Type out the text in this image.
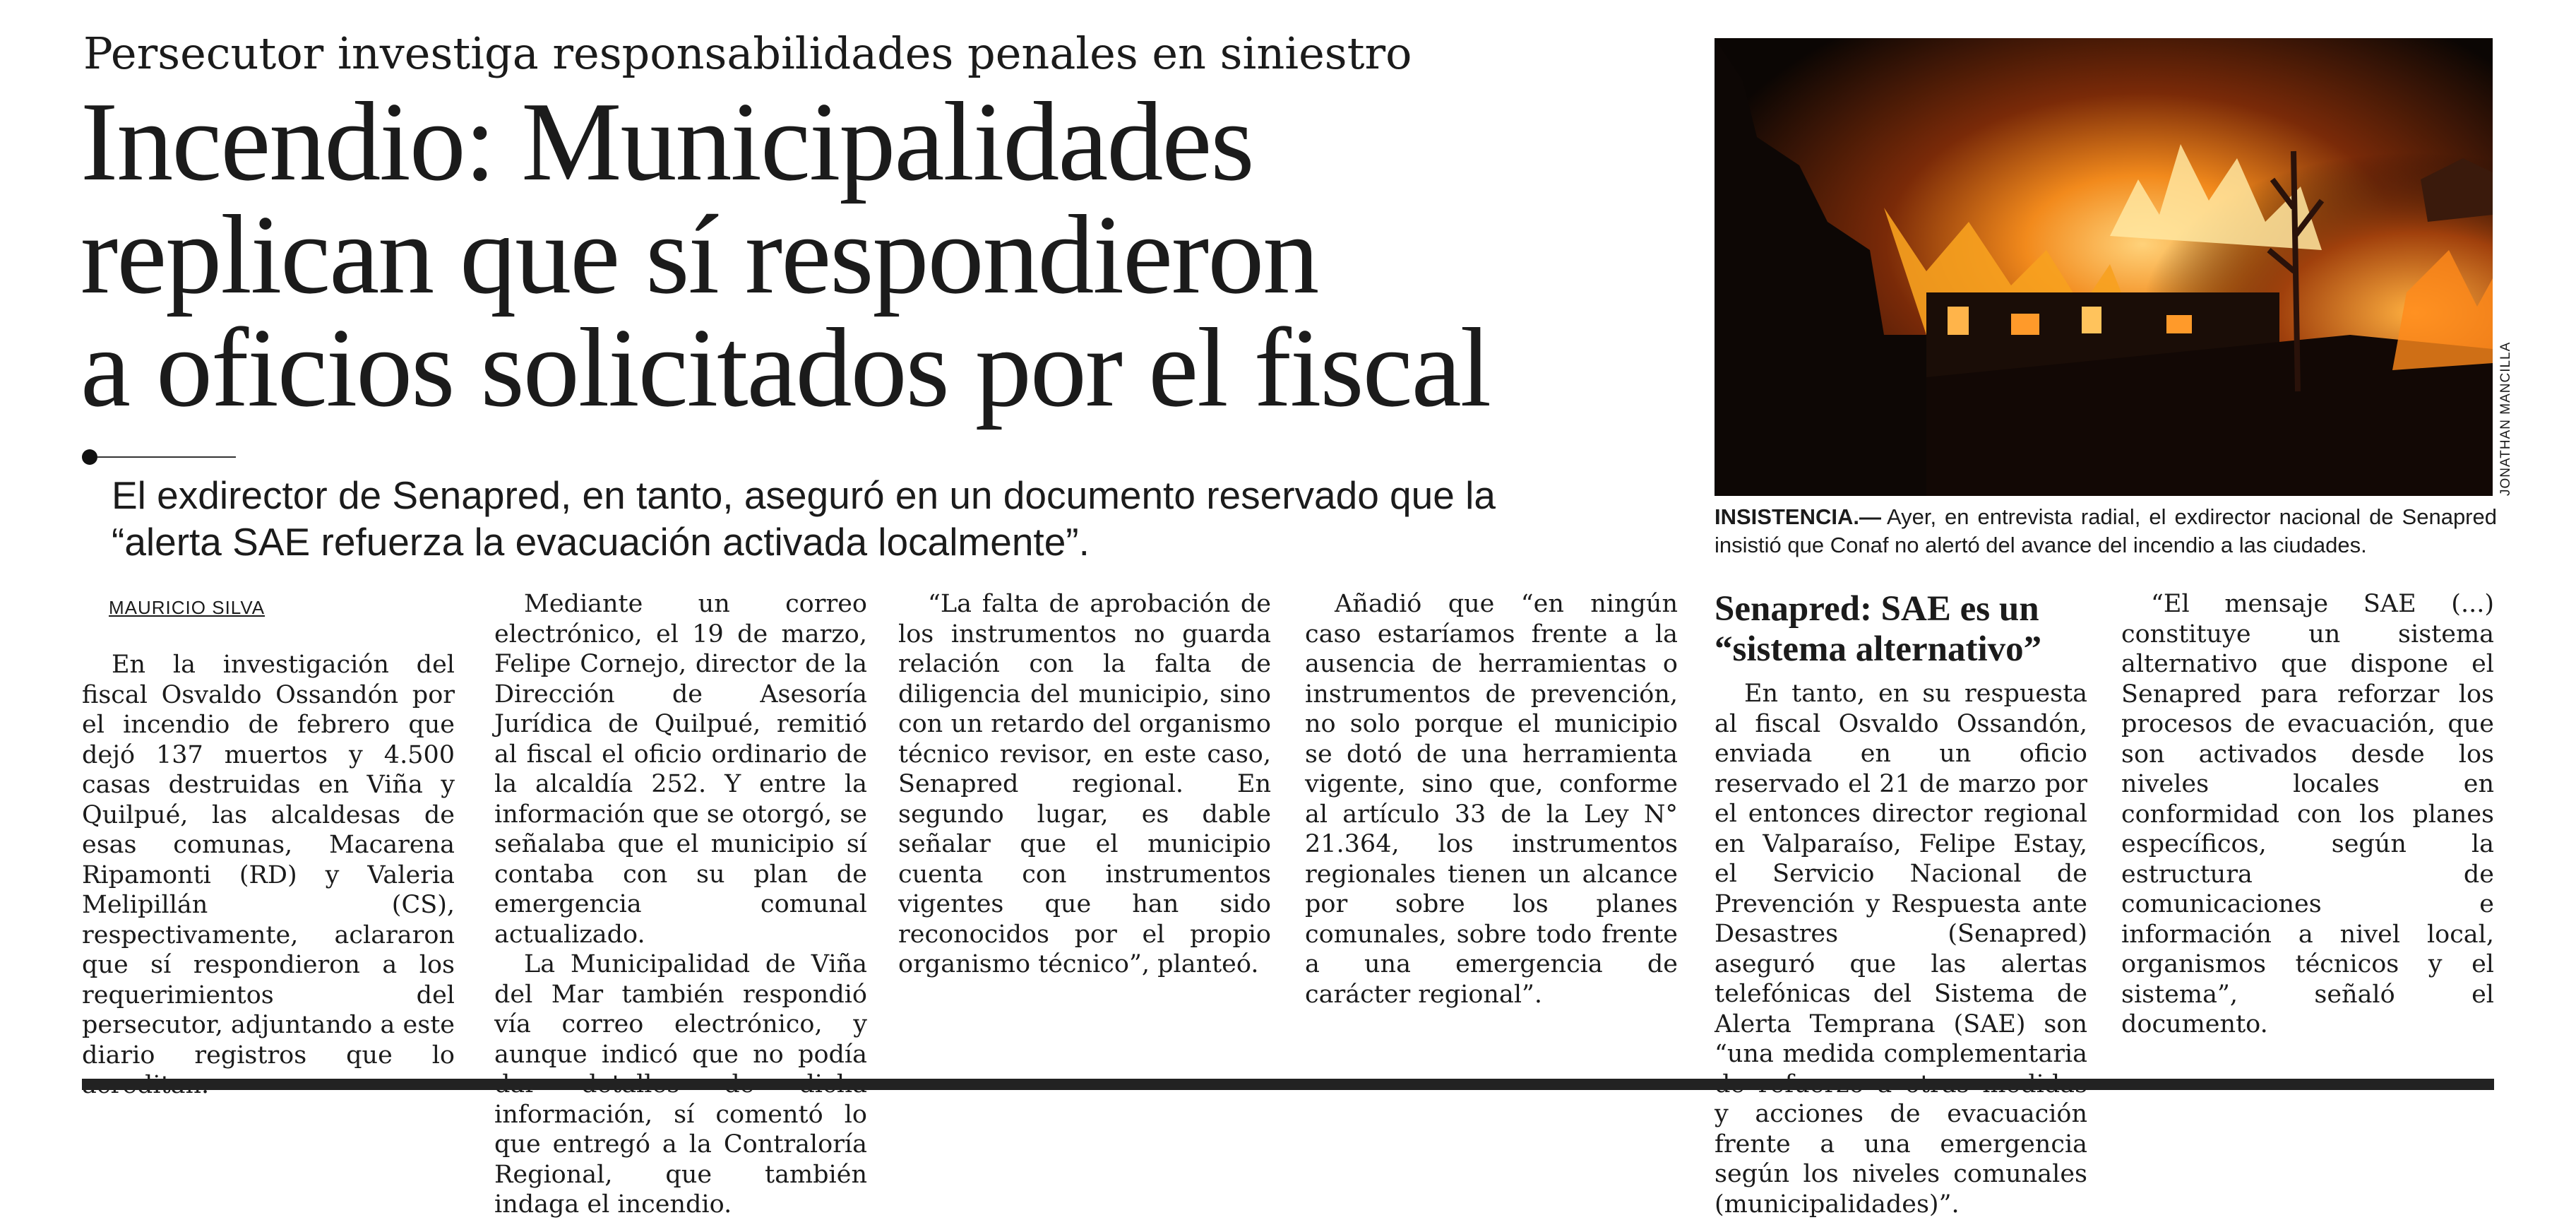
Persecutor investiga responsabilidades penales en siniestro
Incendio: Municipalidades
replican que sí respondieron
a oficios solicitados por el fiscal
El exdirector de Senapred, en tanto, aseguró en un documento reservado que la
“alerta SAE refuerza la evacuación activada localmente”.
MAURICIO SILVA

En la investigación del fiscal Osvaldo Ossandón por el incendio de febrero que dejó 137 muertos y 4.500 casas destruidas en Viña y Quilpué, las alcaldesas de esas comunas, Macarena Ripamonti (RD) y Valeria Melipillán (CS), respectivamente, aclararon que sí respondieron a los requerimientos del persecutor, adjuntando a este diario registros que lo

Mediante un correo electrónico, el 19 de marzo, Felipe Cornejo, director de la Dirección de Asesoría Jurídica de Quilpué, remitió al fiscal el oficio ordinario de la alcaldía 252. Y entre la información que se otorgó, se señalaba que el municipio sí contaba con su plan de emergencia comunal actualizado.

La Municipalidad de Viña del Mar también respondió vía correo electrónico, y aunque indicó que no podía información, sí comentó lo que entregó a la Contraloría Regional, que también indaga el incendio.

“La falta de aprobación de los instrumentos no guarda relación con la falta de diligencia del municipio, sino con un retardo del organismo técnico revisor, en este caso, Senapred regional. En segundo lugar, es dable señalar que el municipio cuenta con instrumentos vigentes que han sido reconocidos por el propio organismo técnico”, planteó.

Añadió que “en ningún caso estaríamos frente a la ausencia de herramientas o instrumentos de prevención, no solo porque el municipio se dotó de una herramienta vigente, sino que, conforme al artículo 33 de la Ley N° 21.364, los instrumentos regionales tienen un alcance por sobre los planes comunales, sobre todo frente a una emergencia de carácter regional”.

JONATHAN MANCILLA
INSISTENCIA.— Ayer, en entrevista radial, el exdirector nacional de Senapred insistió que Conaf no alertó del avance del incendio a las ciudades.
Senapred: SAE es un
“sistema alternativo”

En tanto, en su respuesta al fiscal Osvaldo Ossandón, enviada en un oficio reservado el 21 de marzo por el entonces director regional en Valparaíso, Felipe Estay, el Servicio Nacional de Prevención y Respuesta ante Desastres (Senapred) aseguró que las alertas telefónicas del Sistema de Alerta Temprana (SAE) son “una medida complementaria y acciones de evacuación frente a una emergencia según los niveles comunales (municipalidades)”.

“El mensaje SAE (...) constituye un sistema alternativo que dispone el Senapred para reforzar los procesos de evacuación, que son activados desde los niveles locales en conformidad con los planes específicos, según la estructura de comunicaciones e información a nivel local, organismos técnicos y el sistema”, señaló el documento.
